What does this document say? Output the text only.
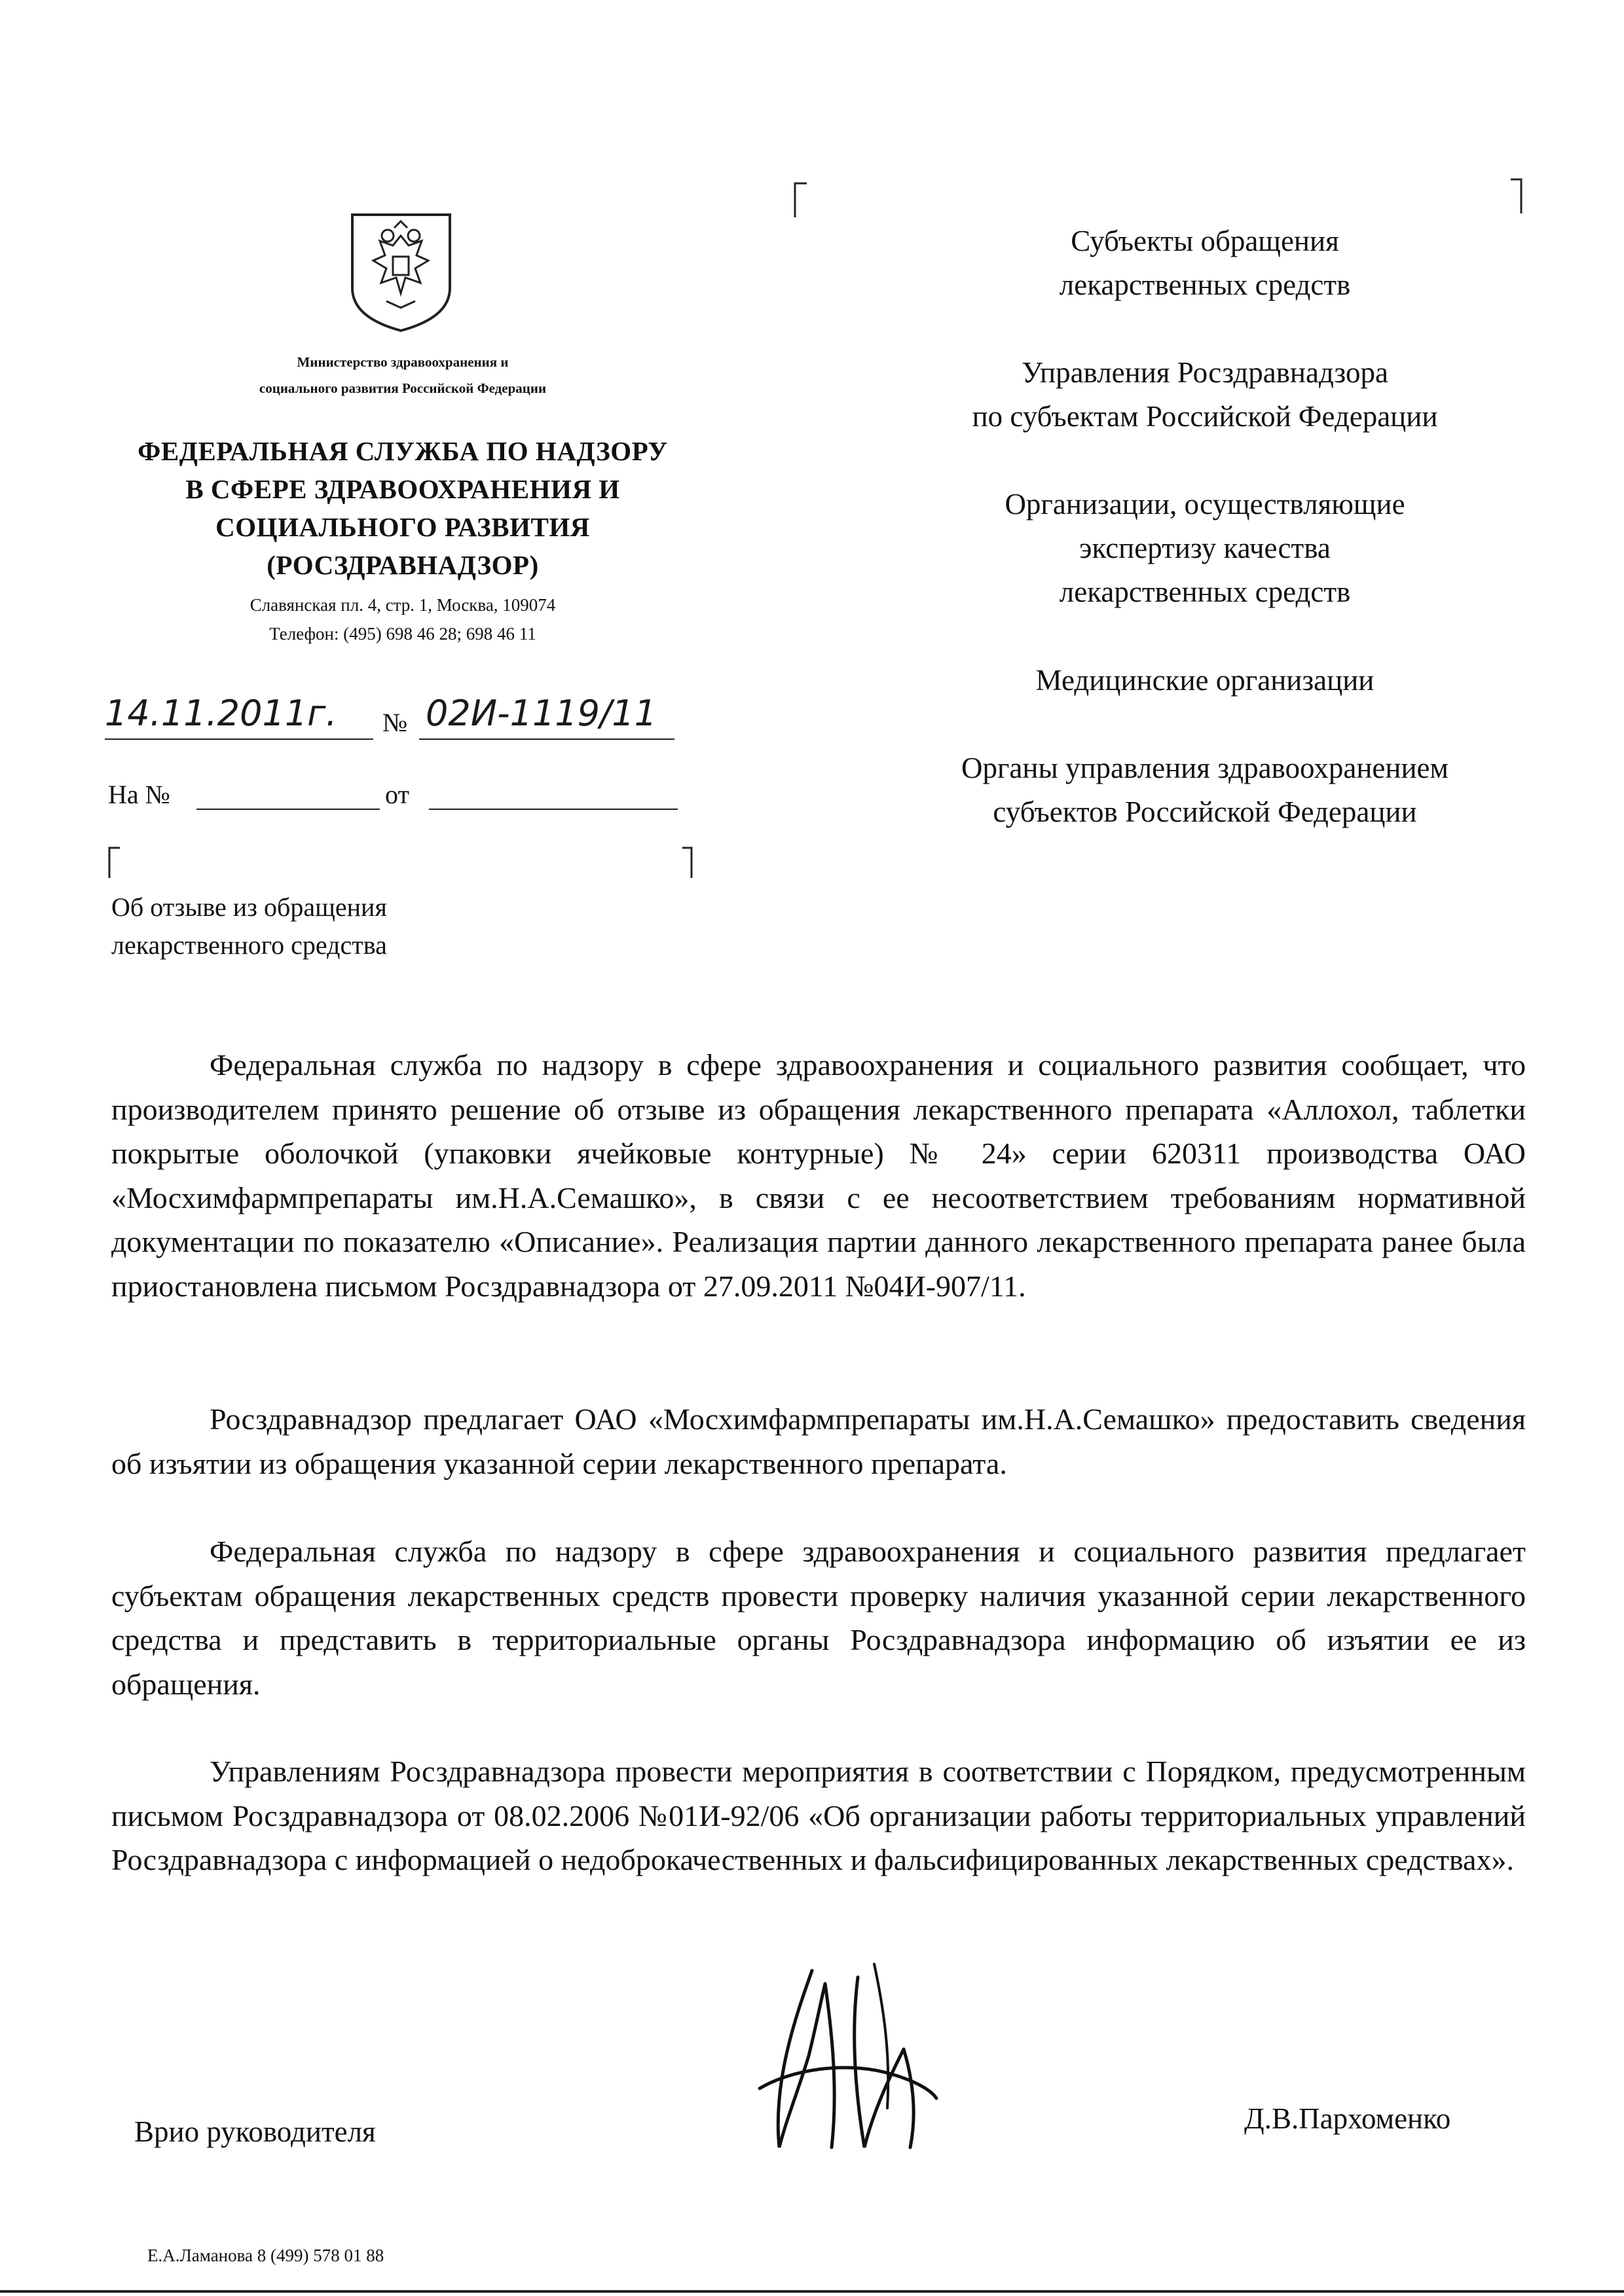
Министерство здравоохранения и
социального развития Российской Федерации
ФЕДЕРАЛЬНАЯ СЛУЖБА ПО НАДЗОРУ
В СФЕРЕ ЗДРАВООХРАНЕНИЯ И
СОЦИАЛЬНОГО РАЗВИТИЯ
(РОСЗДРАВНАДЗОР)
Славянская пл. 4, стр. 1, Москва, 109074
Телефон: (495) 698 46 28; 698 46 11
14.11.2011г. № 02И-1119/11
На №	от
Об отзыве из обращения
лекарственного средства
Субъекты обращения
лекарственных средств
Управления Росздравнадзора
по субъектам Российской Федерации
Организации, осуществляющие
экспертизу качества
лекарственных средств
Медицинские организации
Органы управления здравоохранением
субъектов Российской Федерации

Федеральная служба по надзору в сфере здравоохранения и социального развития сообщает, что производителем принято решение об отзыве из обращения лекарственного препарата «Аллохол, таблетки покрытые оболочкой (упаковки ячейковые контурные) № 24» серии 620311 производства ОАО «Мосхимфармпрепараты им.Н.А.Семашко», в связи с ее несоответствием требованиям нормативной документации по показателю «Описание». Реализация партии данного лекарственного препарата ранее была приостановлена письмом Росздравнадзора от 27.09.2011 №04И-907/11.

Росздравнадзор предлагает ОАО «Мосхимфармпрепараты им.Н.А.Семашко» предоставить сведения об изъятии из обращения указанной серии лекарственного препарата.

Федеральная служба по надзору в сфере здравоохранения и социального развития предлагает субъектам обращения лекарственных средств провести проверку наличия указанной серии лекарственного средства и представить в территориальные органы Росздравнадзора информацию об изъятии ее из обращения.

Управлениям Росздравнадзора провести мероприятия в соответствии с Порядком, предусмотренным письмом Росздравнадзора от 08.02.2006 №01И-92/06 «Об организации работы территориальных управлений Росздравнадзора с информацией о недоброкачественных и фальсифицированных лекарственных средствах».

Врио руководителя	Д.В.Пархоменко
Е.А.Ламанова 8 (499) 578 01 88
